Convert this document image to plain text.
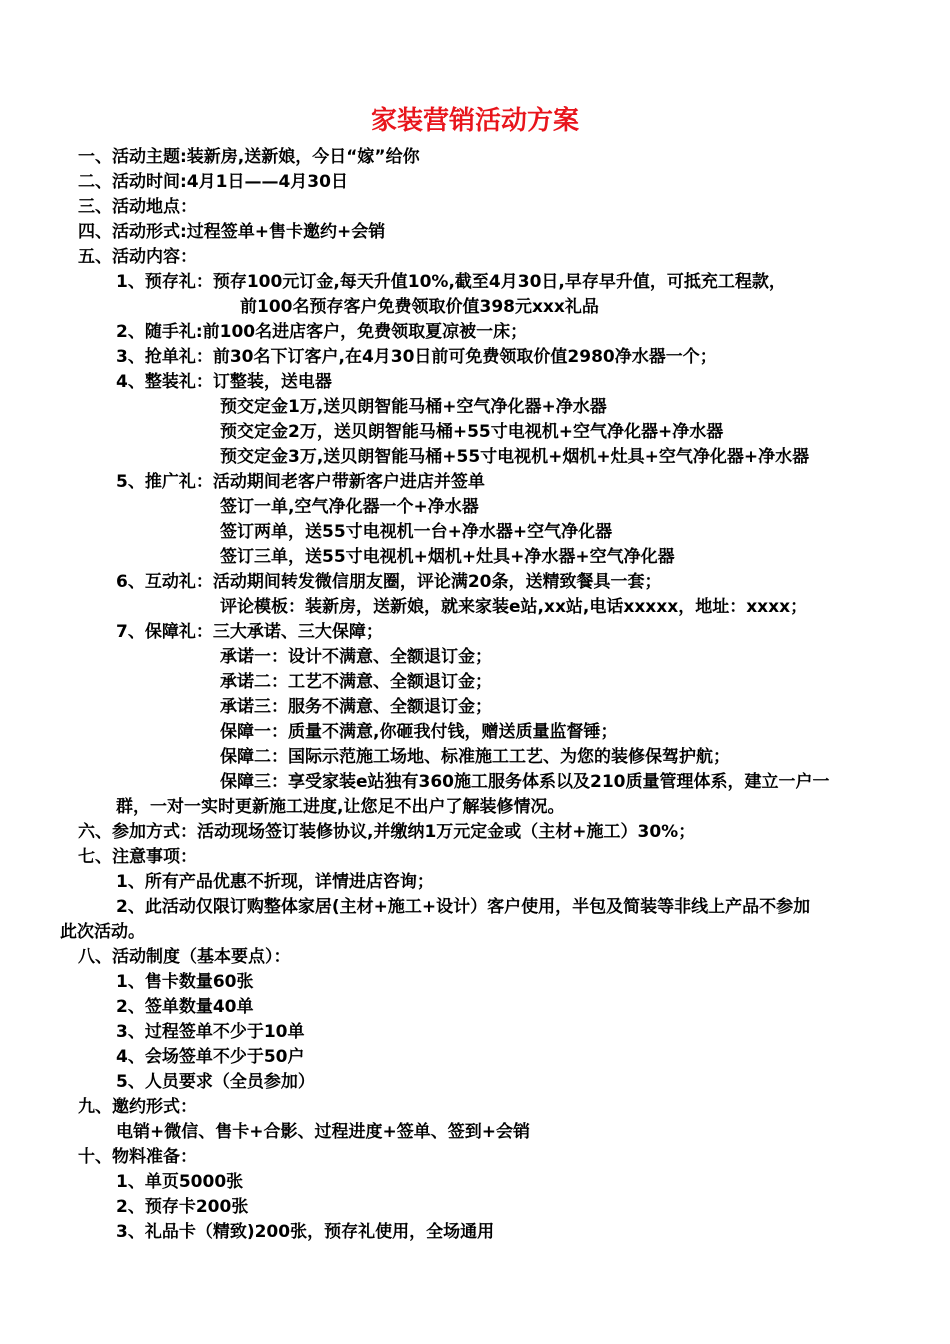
家装营销活动方案
一、活动主题:装新房,送新娘，今日“嫁”给你
二、活动时间:4月1日——4月30日
三、活动地点：
四、活动形式:过程签单+售卡邀约+会销
五、活动内容：
1、预存礼：预存100元订金,每天升值10%,截至4月30日,早存早升值，可抵充工程款，
前100名预存客户免费领取价值398元xxx礼品
2、随手礼:前100名进店客户，免费领取夏凉被一床；
3、抢单礼：前30名下订客户,在4月30日前可免费领取价值2980净水器一个；
4、整装礼：订整装，送电器
预交定金1万,送贝朗智能马桶+空气净化器+净水器
预交定金2万，送贝朗智能马桶+55寸电视机+空气净化器+净水器
预交定金3万,送贝朗智能马桶+55寸电视机+烟机+灶具+空气净化器+净水器
5、推广礼：活动期间老客户带新客户进店并签单
签订一单,空气净化器一个+净水器
签订两单，送55寸电视机一台+净水器+空气净化器
签订三单，送55寸电视机+烟机+灶具+净水器+空气净化器
6、互动礼：活动期间转发微信朋友圈，评论满20条，送精致餐具一套；
评论模板：装新房，送新娘，就来家装e站,xx站,电话xxxxx，地址：xxxx；
7、保障礼：三大承诺、三大保障；
承诺一：设计不满意、全额退订金；
承诺二：工艺不满意、全额退订金；
承诺三：服务不满意、全额退订金；
保障一：质量不满意,你砸我付钱，赠送质量监督锤；
保障二：国际示范施工场地、标准施工工艺、为您的装修保驾护航；
保障三：享受家装e站独有360施工服务体系以及210质量管理体系，建立一户一
群，一对一实时更新施工进度,让您足不出户了解装修情况。
六、参加方式：活动现场签订装修协议,并缴纳1万元定金或（主材+施工）30%；
七、注意事项：
1、所有产品优惠不折现，详情进店咨询；
2、此活动仅限订购整体家居(主材+施工+设计）客户使用，半包及简装等非线上产品不参加
此次活动。
八、活动制度（基本要点）：
1、售卡数量60张
2、签单数量40单
3、过程签单不少于10单
4、会场签单不少于50户
5、人员要求（全员参加）
九、邀约形式：
电销+微信、售卡+合影、过程进度+签单、签到+会销
十、物料准备：
1、单页5000张
2、预存卡200张
3、礼品卡（精致)200张，预存礼使用，全场通用
